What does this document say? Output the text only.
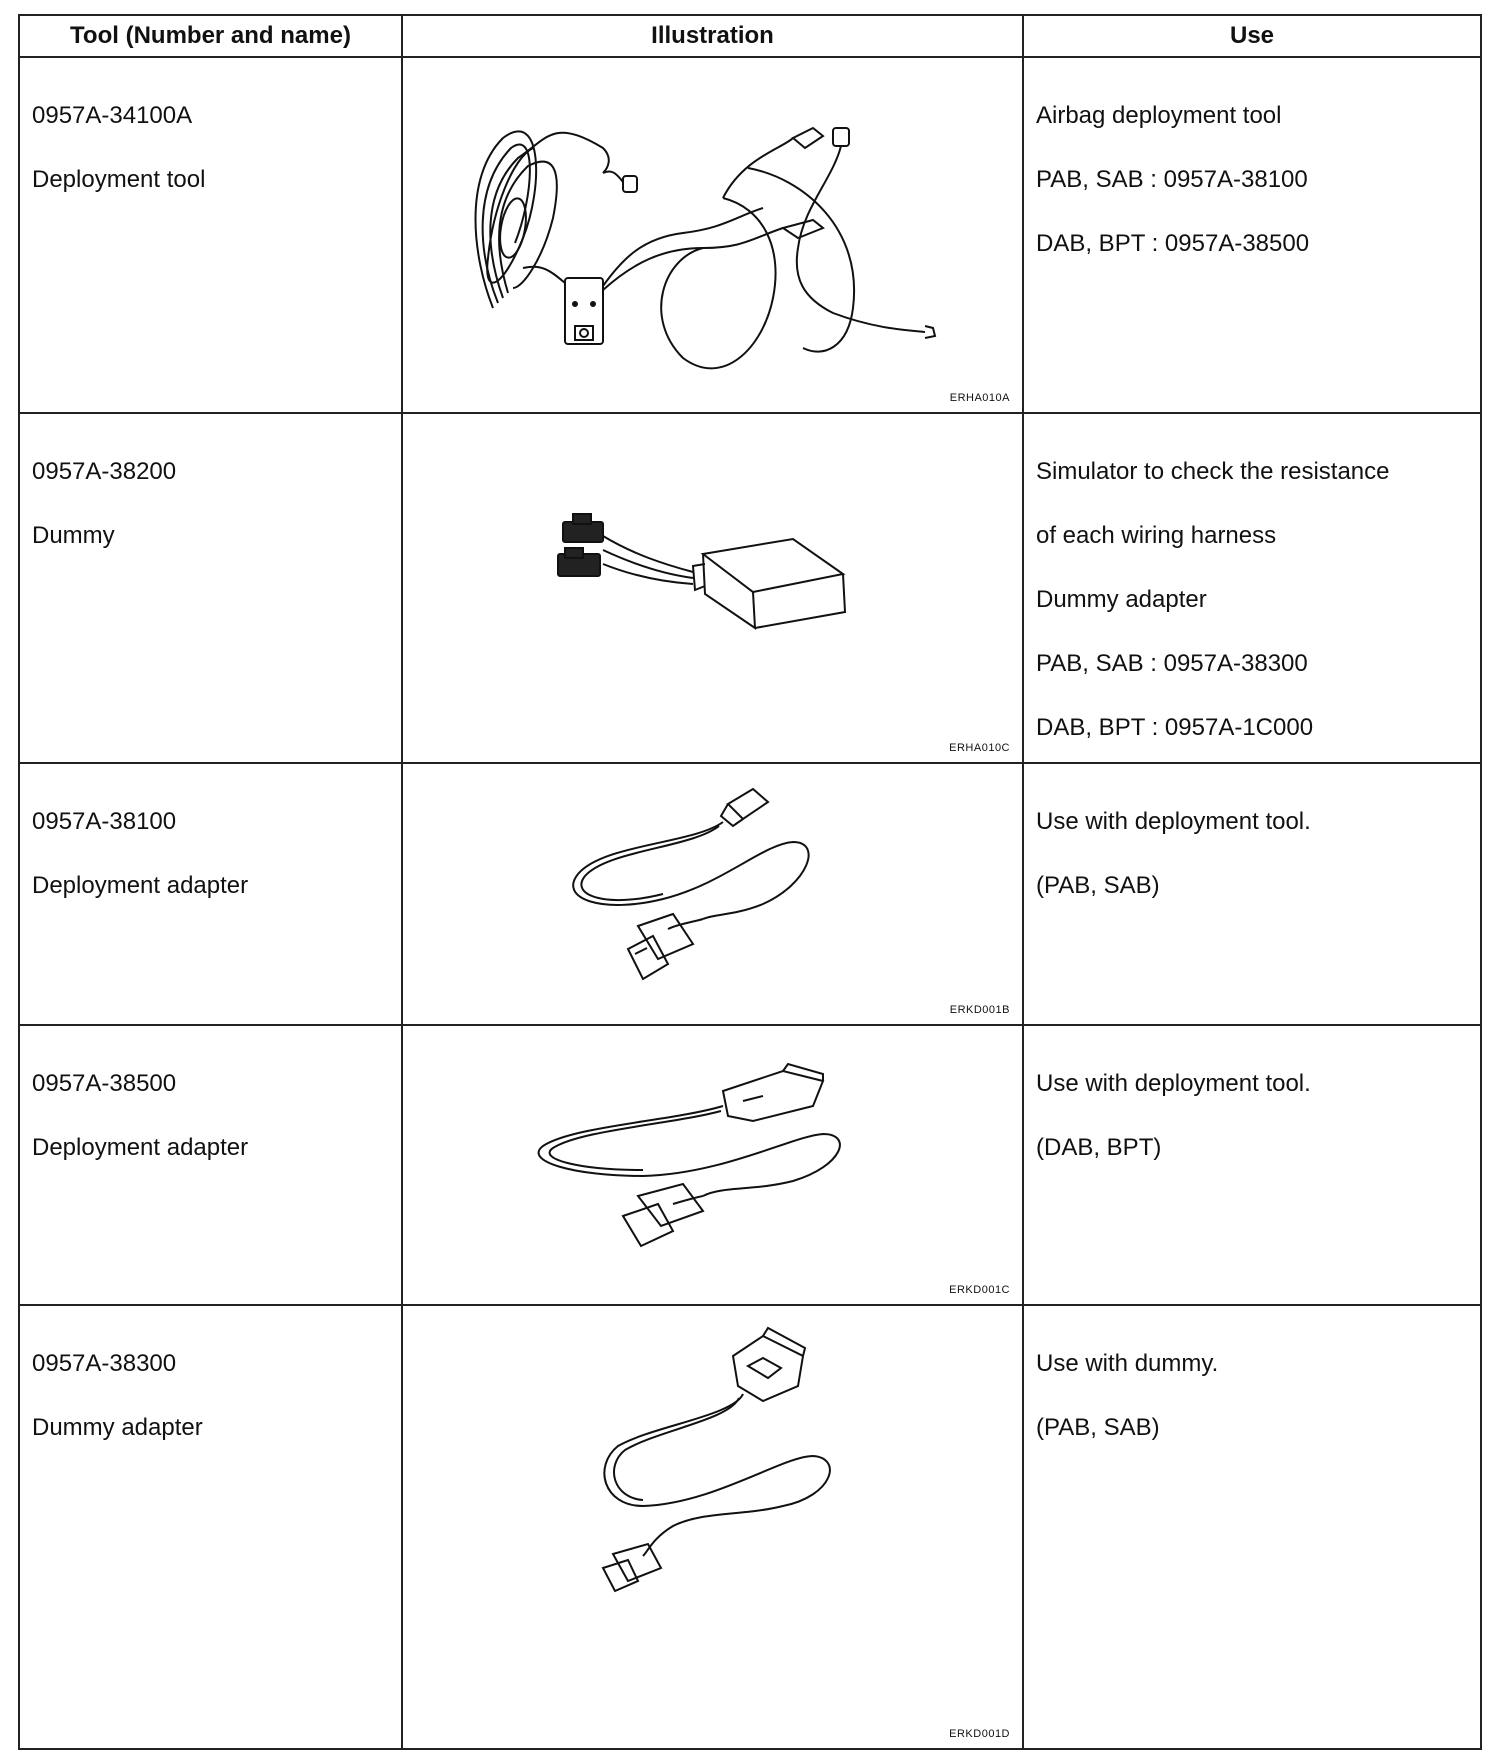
Tool (Number and name)	Illustration	Use

0957A-34100A

Deployment tool

ERHA010A

Airbag deployment tool

PAB, SAB : 0957A-38100

DAB, BPT : 0957A-38500

0957A-38200

Dummy

ERHA010C

Simulator to check the resistance

of each wiring harness

Dummy adapter

PAB, SAB : 0957A-38300

DAB, BPT : 0957A-1C000

0957A-38100

Deployment adapter

ERKD001B

Use with deployment tool.

(PAB, SAB)

0957A-38500

Deployment adapter

ERKD001C

Use with deployment tool.

(DAB, BPT)

0957A-38300

Dummy adapter

ERKD001D

Use with dummy.

(PAB, SAB)
